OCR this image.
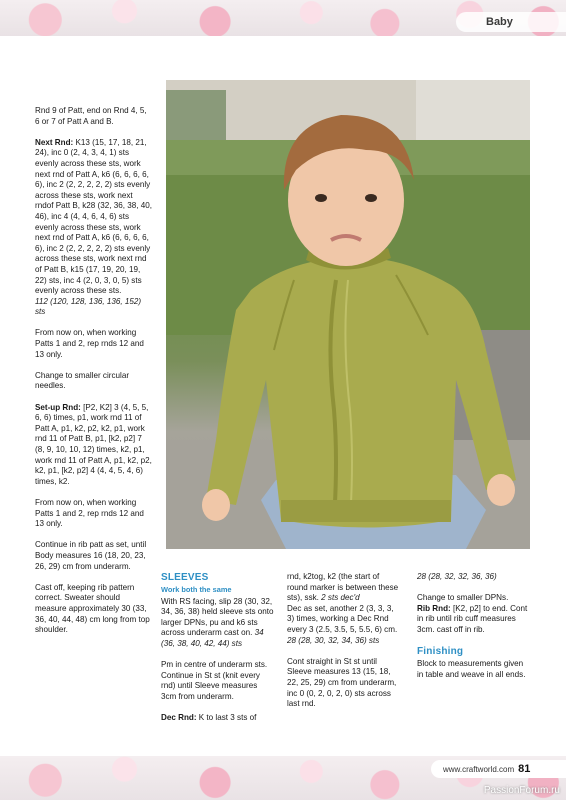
Baby

Rnd 9 of Patt, end on Rnd 4, 5, 6 or 7 of Patt A and B.

Next Rnd: K13 (15, 17, 18, 21, 24), inc 0 (2, 4, 3, 4, 1) sts evenly across these sts, work next rnd of Patt A, k6 (6, 6, 6, 6, 6), inc 2 (2, 2, 2, 2, 2) sts evenly across these sts, work next rndof Patt B, k28 (32, 36, 38, 40, 46), inc 4 (4, 4, 6, 4, 6) sts evenly across these sts, work next rnd of Patt A, k6 (6, 6, 6, 6, 6), inc 2 (2, 2, 2, 2, 2) sts evenly across these sts, work next rnd of Patt B, k15 (17, 19, 20, 19, 22) sts, inc 4 (2, 0, 3, 0, 5) sts evenly across these sts.
112 (120, 128, 136, 136, 152) sts

From now on, when working Patts 1 and 2, rep rnds 12 and 13 only.

Change to smaller circular needles.

Set-up Rnd: [P2, K2] 3 (4, 5, 5, 6, 6) times, p1, work rnd 11 of Patt A, p1, k2, p2, k2, p1, work rnd 11 of Patt B, p1, [k2, p2] 7 (8, 9, 10, 10, 12) times, k2, p1, work rnd 11 of Patt A, p1, k2, p2, k2, p1, [k2, p2] 4 (4, 4, 5, 4, 6) times, k2.

From now on, when working Patts 1 and 2, rep rnds 12 and 13 only.

Continue in rib patt as set, until Body measures 16 (18, 20, 23, 26, 29) cm from underarm.

Cast off, keeping rib pattern correct. Sweater should measure approximately 30 (33, 36, 40, 44, 48) cm long from top shoulder.

SLEEVES
Work both the same

With RS facing, slip 28 (30, 32, 34, 36, 38) held sleeve sts onto larger DPNs, pu and k6 sts across underarm cast on. 34 (36, 38, 40, 42, 44) sts

Pm in centre of underarm sts. Continue in St st (knit every rnd) until Sleeve measures 3cm from underarm.

Dec Rnd: K to last 3 sts of

rnd, k2tog, k2 (the start of round marker is between these sts), ssk. 2 sts dec'd

Dec as set, another 2 (3, 3, 3, 3) times, working a Dec Rnd every 3 (2.5, 3.5, 5, 5.5, 6) cm.

28 (28, 30, 32, 34, 36) sts

Cont straight in St st until Sleeve measures 13 (15, 18, 22, 25, 29) cm from underarm, inc 0 (0, 2, 0, 2, 0) sts across last rnd.

28 (28, 32, 32, 36, 36)

Change to smaller DPNs.

Rib Rnd: [K2, p2] to end. Cont in rib until rib cuff measures 3cm. cast off in rib.

Finishing

Block to measurements given in table and weave in all ends.

www.craftworld.com 81
PassionForum.ru
